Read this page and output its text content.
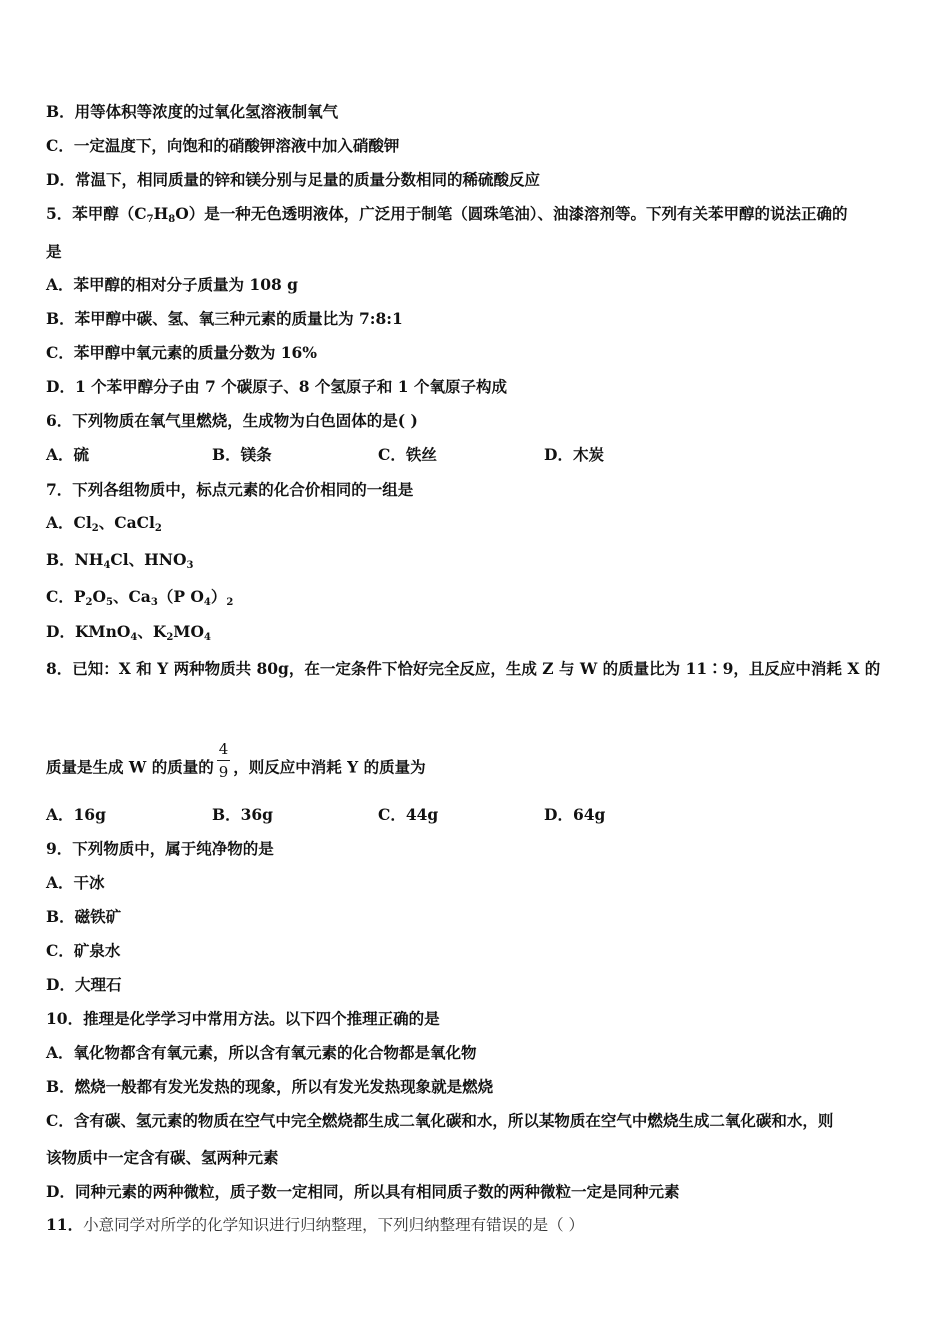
B．用等体积等浓度的过氧化氢溶液制氧气
C．一定温度下，向饱和的硝酸钾溶液中加入硝酸钾
D．常温下，相同质量的锌和镁分别与足量的质量分数相同的稀硫酸反应
5．苯甲醇$(C_7H_8O)$是一种无色透明液体，广泛用于制笔（圆珠笔油）、油漆溶剂等。下列有关苯甲醇的说法正确的
是
A．苯甲醇的相对分子质量为 108 g
B．苯甲醇中碳、氢、氧三种元素的质量比为 7:8:1
C．苯甲醇中氧元素的质量分数为 16%
D．1 个苯甲醇分子由 7 个碳原子、8 个氢原子和 1 个氧原子构成
6．下列物质在氧气里燃烧，生成物为白色固体的是( )
A．硫	B．镁条	C．铁丝	D．木炭
7．下列各组物质中，标点元素的化合价相同的一组是
A．$Cl_2$、CaCl$_2$
B．$NH_4Cl$、$HNO_3$
C．$P_2O_5$、$Ca_3(P$ $O_4)_2$
D．KMnO$_4$、$K_2MO_4$
8．已知：X 和 Y 两种物质共 80g，在一定条件下恰好完全反应，生成 Z 与 W 的质量比为 11∶9，且反应中消耗 X 的
质量是生成 W 的质量的 $\frac{4}{9}$ ，则反应中消耗 Y 的质量为
A．16g	B．36g	C．44g	D．64g
9．下列物质中，属于纯净物的是
A．干冰
B．磁铁矿
C．矿泉水
D．大理石
10．推理是化学学习中常用方法。以下四个推理正确的是
A．氧化物都含有氧元素，所以含有氧元素的化合物都是氧化物
B．燃烧一般都有发光发热的现象，所以有发光发热现象就是燃烧
C．含有碳、氢元素的物质在空气中完全燃烧都生成二氧化碳和水，所以某物质在空气中燃烧生成二氧化碳和水，则
该物质中一定含有碳、氢两种元素
D．同种元素的两种微粒，质子数一定相同，所以具有相同质子数的两种微粒一定是同种元素
11．小意同学对所学的化学知识进行归纳整理，下列归纳整理有错误的是（ ）
